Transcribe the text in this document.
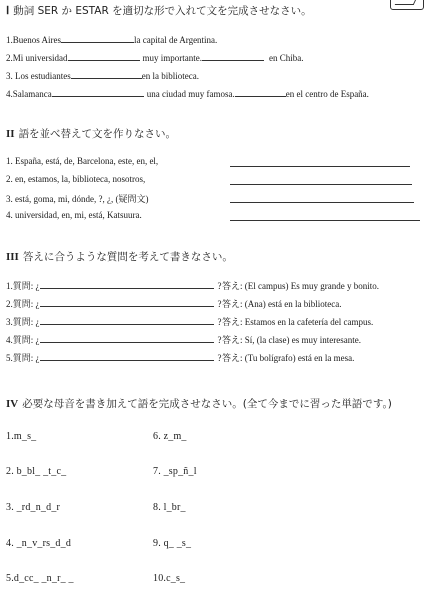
Ⅰ 動詞 SER か ESTAR を適切な形で入れて文を完成させなさい。
1.Buenos Aires	la capital de Argentina.
2.Mi universidad	muy importante.	en Chiba.
3. Los estudiantes	en la biblioteca.
4.Salamanca	una ciudad muy famosa.	en el centro de España.
II 語を並べ替えて文を作りなさい。
1. España, está, de, Barcelona, este, en, el,
2. en, estamos, la, biblioteca, nosotros,
3. está, goma, mi, dónde, ?, ¿, (疑問文)
4. universidad, en, mi, está, Katsuura.
III 答えに合うような質問を考えて書きなさい。
1.質問: ¿	? 答え: (El campus) Es muy grande y bonito.
2.質問: ¿	? 答え: (Ana) está en la biblioteca.
3.質問: ¿	? 答え: Estamos en la cafetería del campus.
4.質問: ¿	? 答え: Sí, (la clase) es muy interesante.
5.質問: ¿	? 答え: (Tu bolígrafo) está en la mesa.
IV 必要な母音を書き加えて語を完成させなさい。(全て今までに習った単語です。)
1.m_s_	6. z_m_
2. b_bl_ _t_c_	7. _sp_ñ_l
3. _rd_n_d_r	8. l_br_
4. _n_v_rs_d_d	9. q_ _s_
5.d_cc_ _n_r_ _	10.c_s_
